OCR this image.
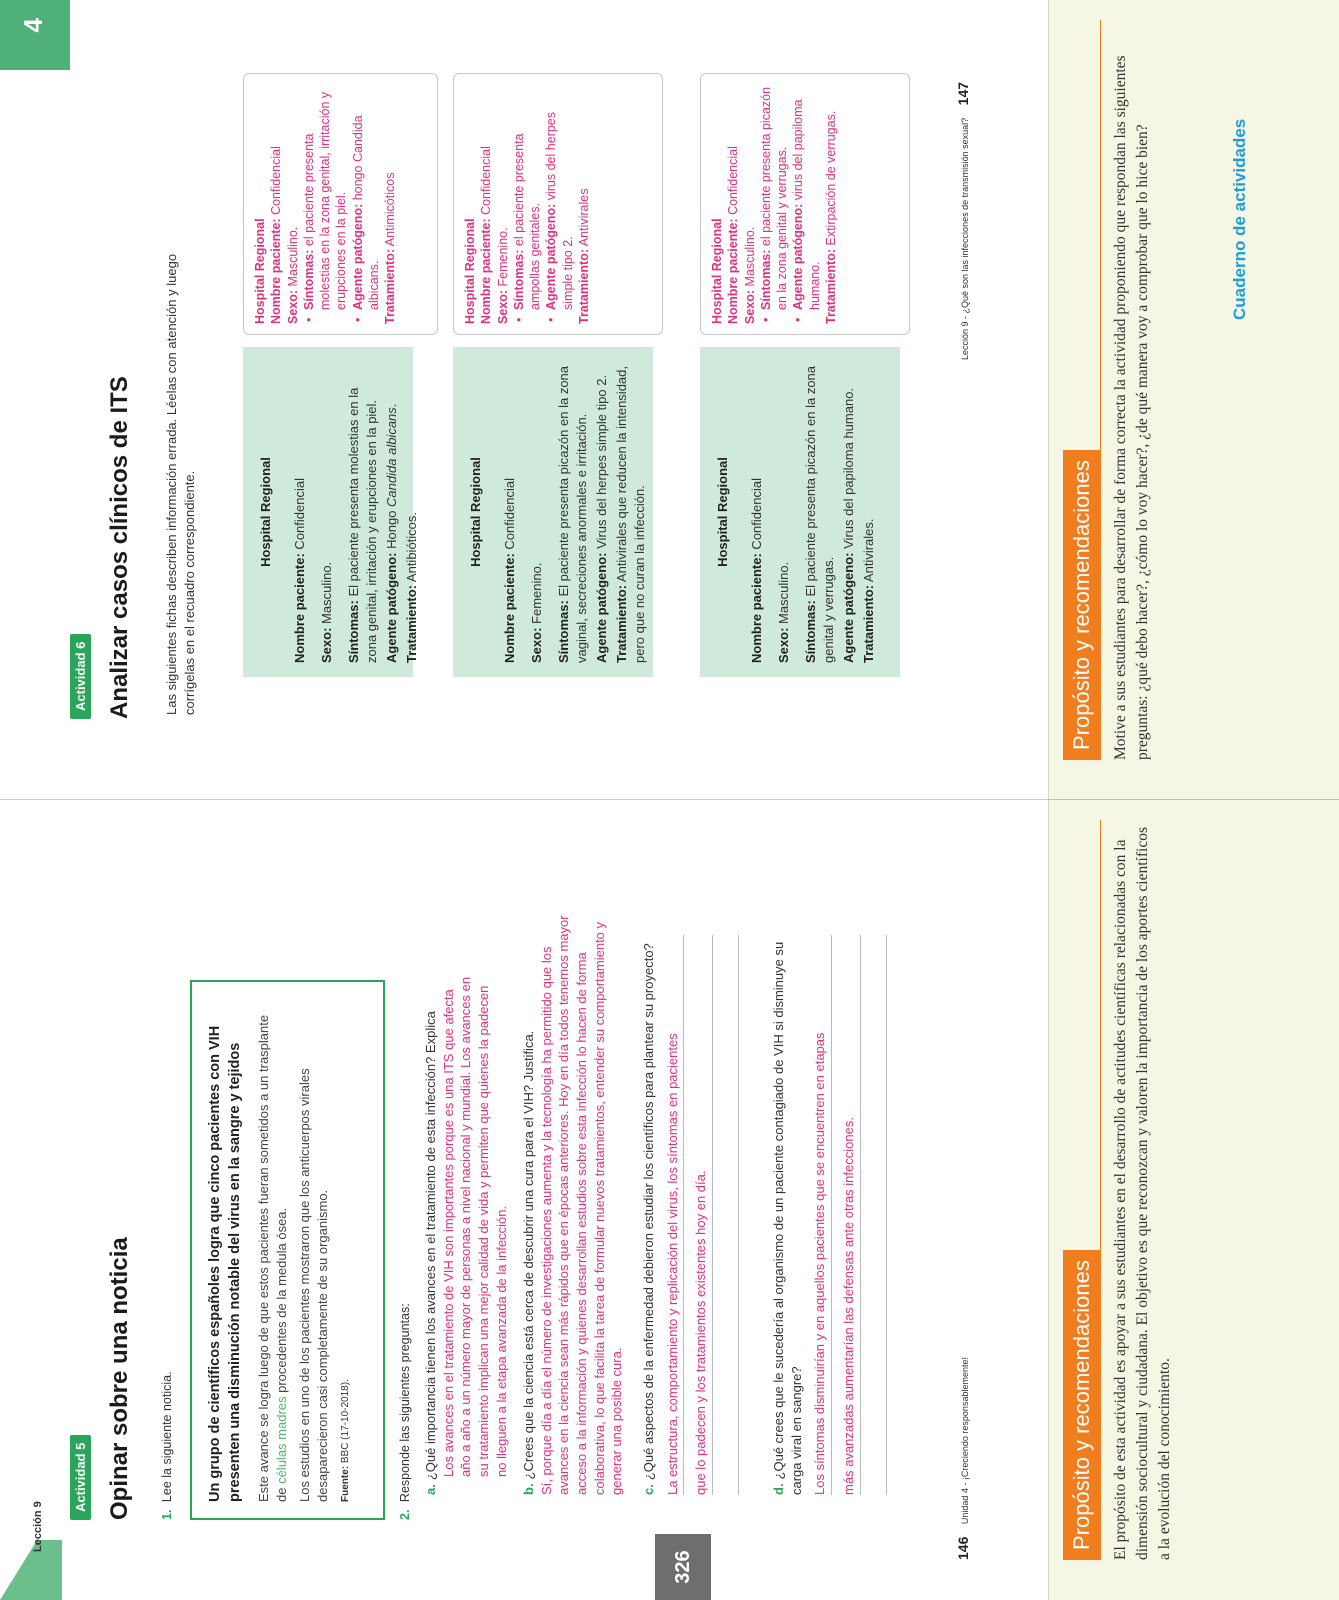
Lección 9
Actividad 5 Opinar sobre una noticia 1. Lee la siguiente noticia. Un grupo de científicos españoles logra que cinco pacientes con VIH presenten una disminución notable del virus en la sangre y tejidos Este avance se logra luego de que estos pacientes fueran sometidos a un trasplante de células madres procedentes de la medula ósea. Los estudios en uno de los pacientes mostraron que los anticuerpos virales desaparecieron casi completamente de su organismo. Fuente: BBC (17-10-2018).
2. Responde las siguientes preguntas: a.¿Qué importancia tienen los avances en el tratamiento de esta infección? Explica Los avances en el tratamiento de VIH son importantes porque es una ITS que afecta año a año a un número mayor de personas a nivel nacional y mundial. Los avances en su tratamiento implican una mejor calidad de vida y permiten que quienes la padecen no lleguen a la etapa avanzada de la infección.
b.¿Crees que la ciencia está cerca de descubrir una cura para el VIH? Justifica. Sí, porque día a día el número de investigaciones aumenta y la tecnología ha permitido que los avances en la ciencia sean más rápidos que en épocas anteriores. Hoy en día todos tenemos mayor acceso a la información y quienes desarrollan estudios sobre esta infección lo hacen de forma colaborativa, lo que facilita la tarea de formular nuevos tratamientos, entender su comportamiento y generar una posible cura. c.¿Qué aspectos de la enfermedad debieron estudiar los científicos para plantear su proyecto? La estructura, comportamiento y replicación del virus, los síntomas en pacientes	que lo padecen y los tratamientos existentes hoy en día.	d.¿Qué crees que le sucedería al organismo de un paciente contagiado de VIH si disminuye su carga viral en sangre? Los síntomas disminuirían y en aquellos pacientes que se encuentren en etapas	más avanzadas aumentarían las defensas ante otras infecciones.
146 Unidad 4 - ¡Creciendo responsablemente!
326
4
Actividad 6 Analizar casos clínicos de ITS Las siguientes fichas describen información errada. Léelas con atención y luego corrígelas en el recuadro correspondiente.	Hospital Regional
Nombre paciente: Confidencial
Sexo: Masculino.
Síntomas: El paciente presenta molestias en la zona genital, irritación y erupciones en la piel. Agente patógeno: Hongo Candida albicans.
Tratamiento: Antibióticos.
Hospital Regional Nombre paciente: Confidencial
Sexo: Masculino. • Síntomas: el paciente presenta molestias en la zona genital, irritación y erupciones en la piel. • Agente patógeno: hongo Candida albicans. Tratamiento: Antimicóticos
Hospital Regional
Nombre paciente: Confidencial
Sexo: Femenino.
Síntomas: El paciente presenta picazón en la zona vaginal, secreciones anormales e irritación. Agente patógeno: Virus del herpes simple tipo 2.
Tratamiento: Antivirales que reducen la intensidad, pero que no curan la infección.
Hospital Regional Nombre paciente: Confidencial
Sexo: Femenino. • Síntomas: el paciente presenta ampollas genitales. • Agente patógeno: virus del herpes simple tipo 2. Tratamiento: Antivirales
Hospital Regional
Nombre paciente: Confidencial
Sexo: Masculino.
Síntomas: El paciente presenta picazón en la zona genital y verrugas. Agente patógeno: Virus del papiloma humano.
Tratamiento: Antivirales.
Hospital Regional Nombre paciente: Confidencial
Sexo: Masculino. • Síntomas: el paciente presenta picazón en la zona genital y verrugas. • Agente patógeno: virus del papiloma humano. Tratamiento: Extirpación de verrugas.	Lección 9 - ¿Qué son las infecciones de transmisión sexual? 147
Propósito y recomendaciones	El propósito de esta actividad es apoyar a sus estudiantes en el desarrollo de actitudes científicas relacionadas con la dimensión sociocultural y ciudadana. El objetivo es que reconozcan y valoren la importancia de los aportes científicos a la evolución del conocimiento.
Propósito y recomendaciones	Motive a sus estudiantes para desarrollar de forma correcta la actividad proponiendo que respondan las siguientes preguntas: ¿qué debo hacer?, ¿cómo lo voy hacer?, ¿de qué manera voy a comprobar que lo hice bien?	Cuaderno de actividades
